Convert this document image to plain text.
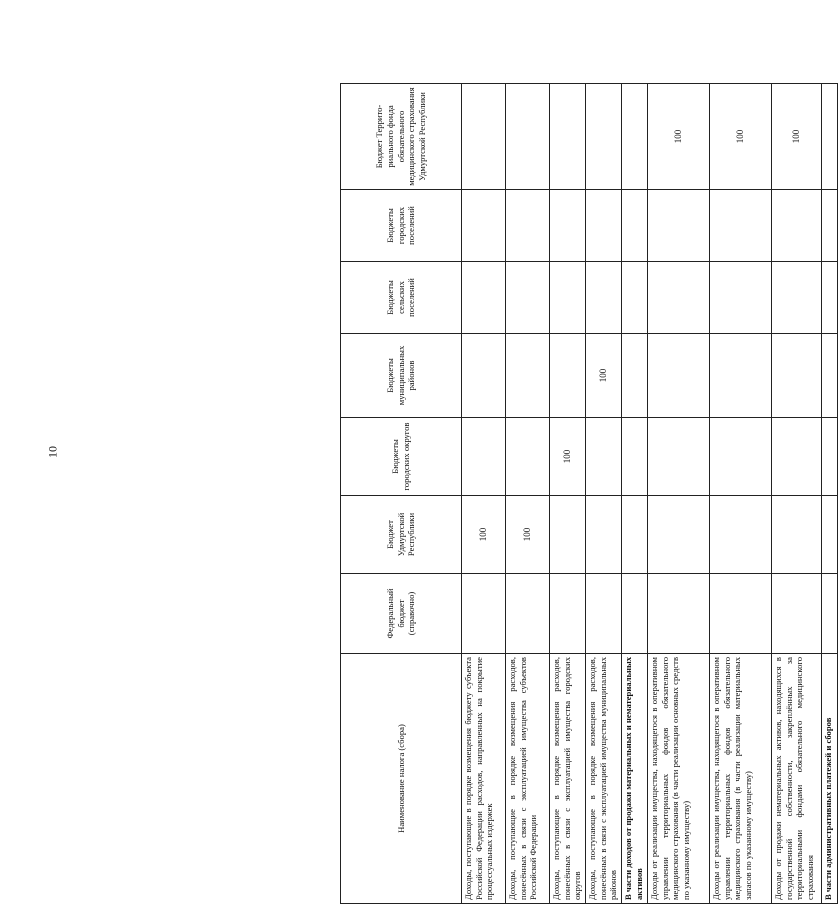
10
Наименование налога (сбора)	Федеральный бюджет (справочно)	Бюджет Удмуртской Республики	Бюджеты городских округов	Бюджеты муниципальных районов	Бюджеты сельских поселений	Бюджеты городских поселений	Бюджет Террито-риального фонда обязательного медицинского страхования Удмуртской Республики
Доходы, поступающие в порядке возмещения бюджету субъекта Российской Федерации расходов, направленных на покрытие процессуальных издержек		100					
Доходы, поступающие в порядке возмещения расходов, понесённых в связи с эксплуатацией имущества субъектов Российской Федерации		100					
Доходы, поступающие в порядке возмещения расходов, понесённых в связи с эксплуатацией имущества городских округов			100				
Доходы, поступающие в порядке возмещения расходов, понесённых в связи с эксплуатацией имущества муниципальных районов				100			
В части доходов от продажи материальных и нематериальных активов							
Доходы от реализации имущества, находящегося в оперативном управлении территориальных фондов обязательного медицинского страхования (в части реализации основных средств по указанному имуществу)							100
Доходы от реализации имущества, находящегося в оперативном управлении территориальных фондов обязательного медицинского страхования (в части реализации материальных запасов по указанному имуществу)							100
Доходы от продажи нематериальных активов, находящихся в государственной собственности, закреплённых за территориальными фондами обязательного медицинского страхования							100
В части административных платежей и сборов							
